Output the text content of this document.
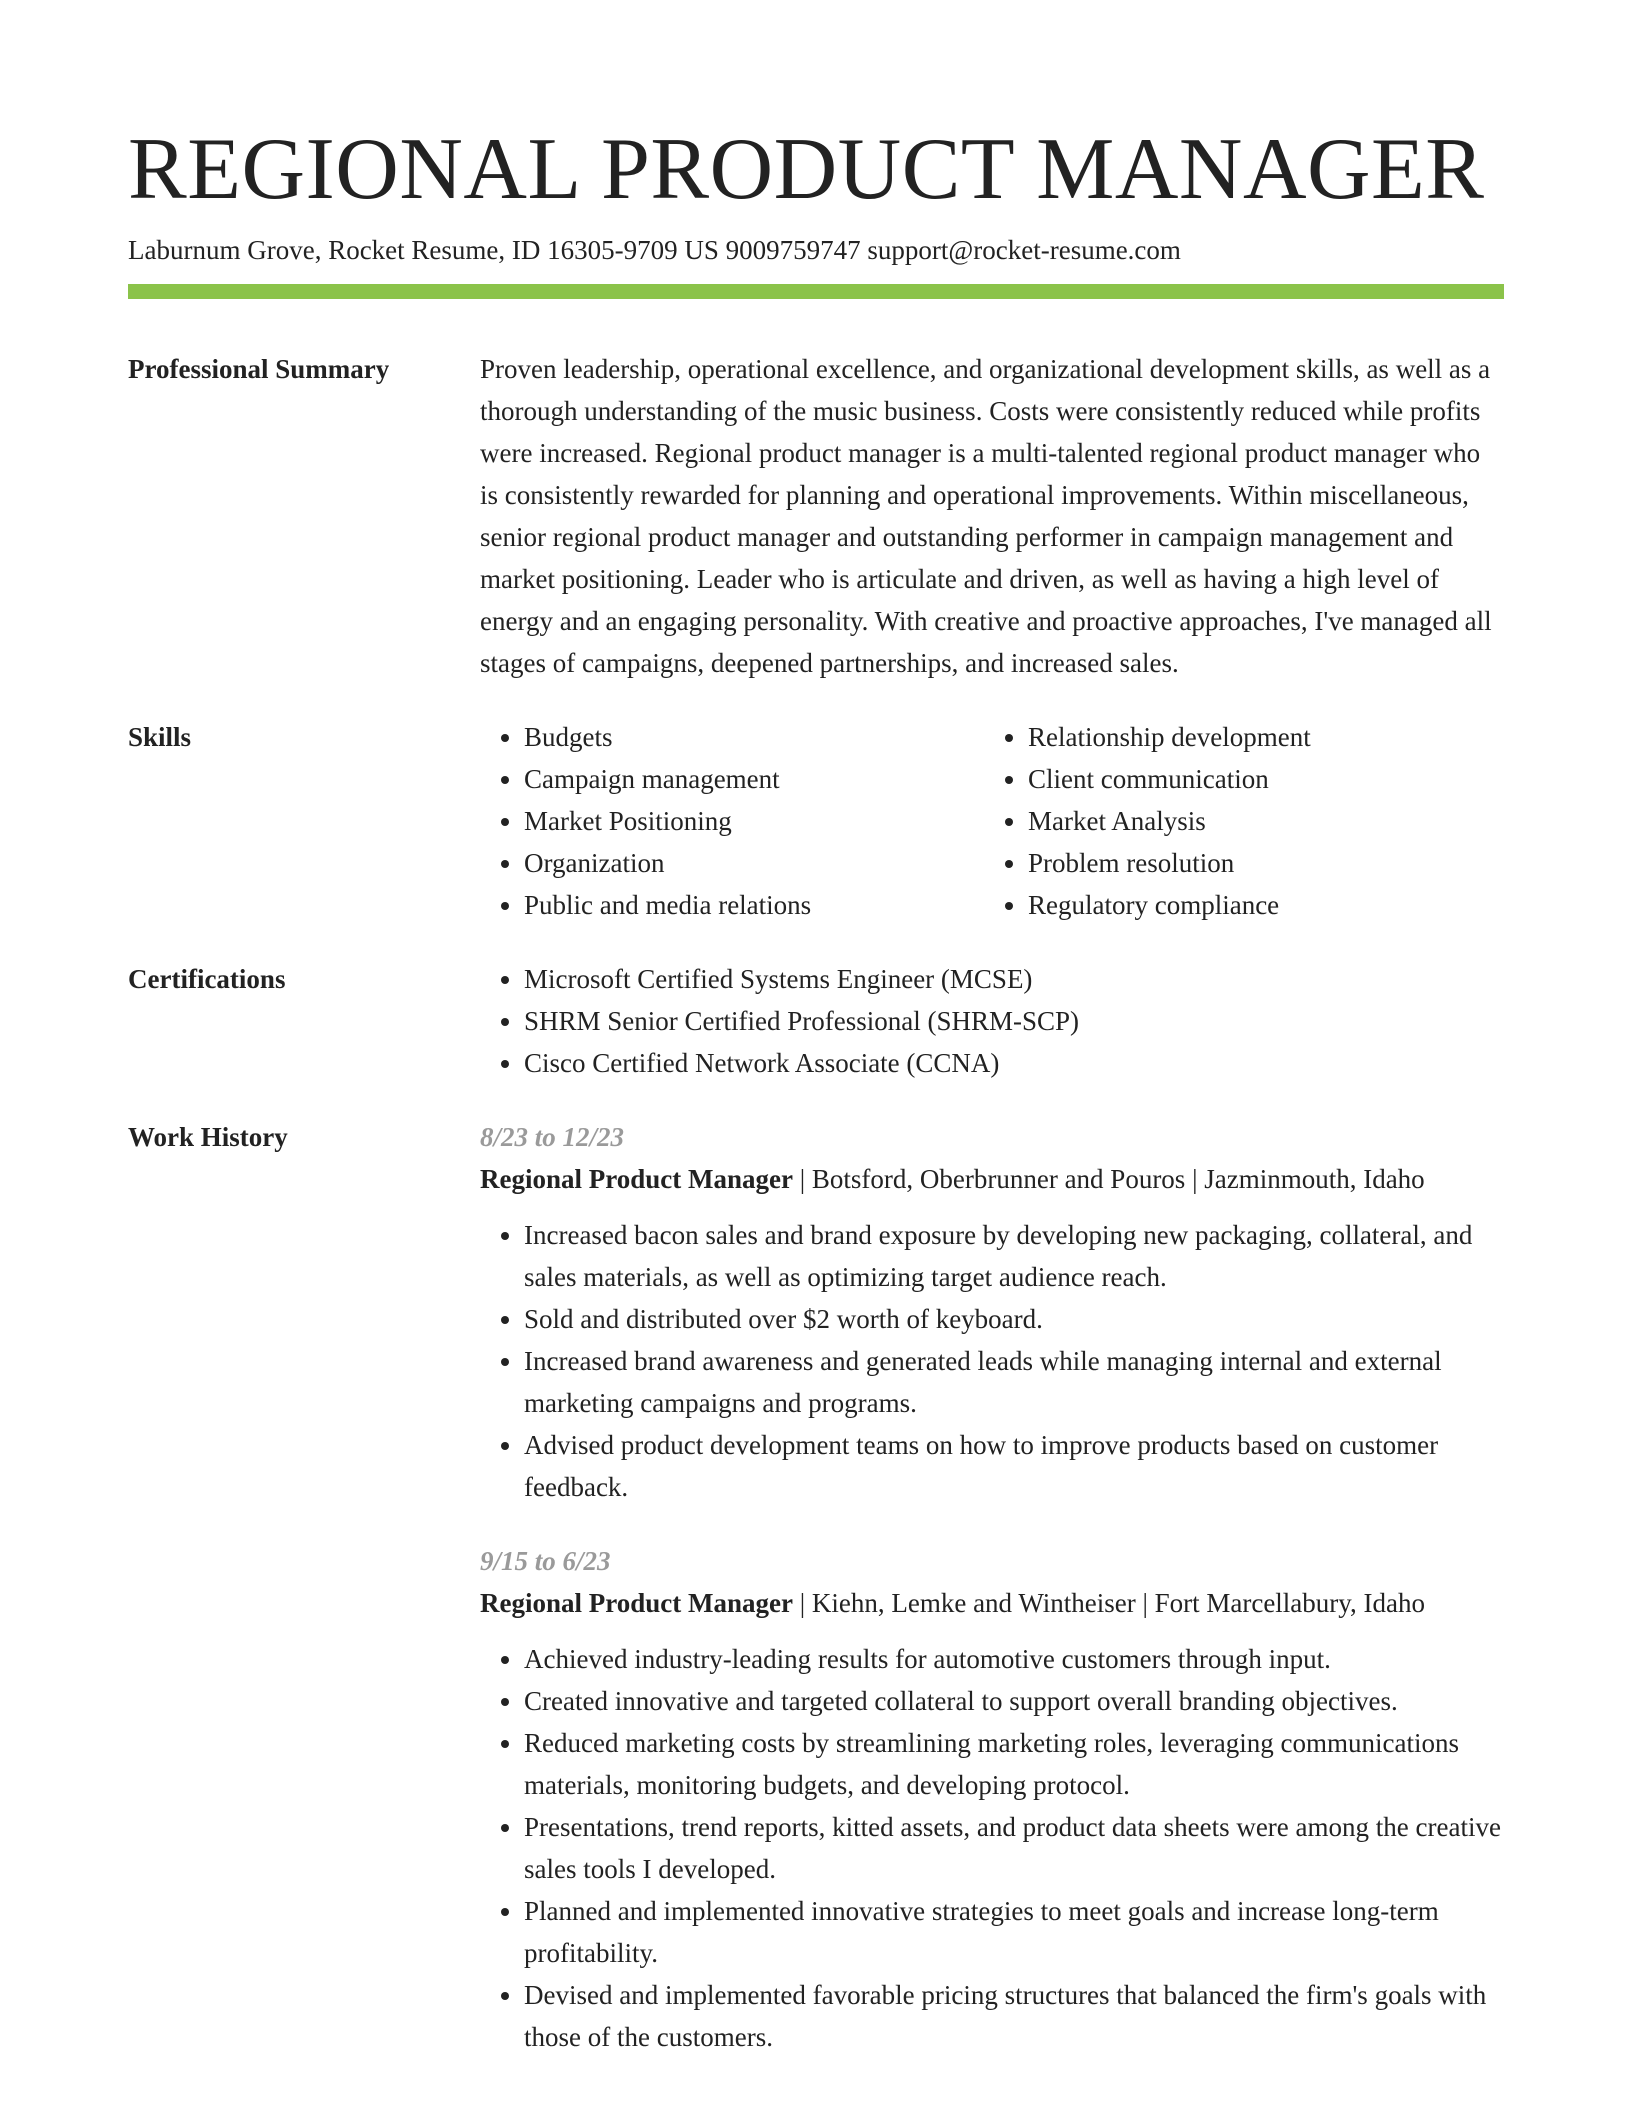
REGIONAL PRODUCT MANAGER
Laburnum Grove, Rocket Resume, ID 16305-9709 US 9009759747 support@rocket-resume.com
Professional Summary	Proven leadership, operational excellence, and organizational development skills, as well as a thorough understanding of the music business. Costs were consistently reduced while profits were increased. Regional product manager is a multi-talented regional product manager who is consistently rewarded for planning and operational improvements. Within miscellaneous, senior regional product manager and outstanding performer in campaign management and market positioning. Leader who is articulate and driven, as well as having a high level of energy and an engaging personality. With creative and proactive approaches, I've managed all stages of campaigns, deepened partnerships, and increased sales.

Skills	• Budgets
• Campaign management
• Market Positioning
• Organization
• Public and media relations
• Relationship development
• Client communication
• Market Analysis
• Problem resolution
• Regulatory compliance
Certifications	• Microsoft Certified Systems Engineer (MCSE)
• SHRM Senior Certified Professional (SHRM-SCP)
• Cisco Certified Network Associate (CCNA)
Work History	8/23 to 12/23
Regional Product Manager | Botsford, Oberbrunner and Pouros | Jazminmouth, Idaho
• Increased bacon sales and brand exposure by developing new packaging, collateral, and sales materials, as well as optimizing target audience reach.
• Sold and distributed over $2 worth of keyboard.
• Increased brand awareness and generated leads while managing internal and external marketing campaigns and programs.
• Advised product development teams on how to improve products based on customer feedback.
9/15 to 6/23
Regional Product Manager | Kiehn, Lemke and Wintheiser | Fort Marcellabury, Idaho
• Achieved industry-leading results for automotive customers through input.
• Created innovative and targeted collateral to support overall branding objectives.
• Reduced marketing costs by streamlining marketing roles, leveraging communications materials, monitoring budgets, and developing protocol.
• Presentations, trend reports, kitted assets, and product data sheets were among the creative sales tools I developed.
• Planned and implemented innovative strategies to meet goals and increase long-term profitability.
• Devised and implemented favorable pricing structures that balanced the firm's goals with those of the customers.
